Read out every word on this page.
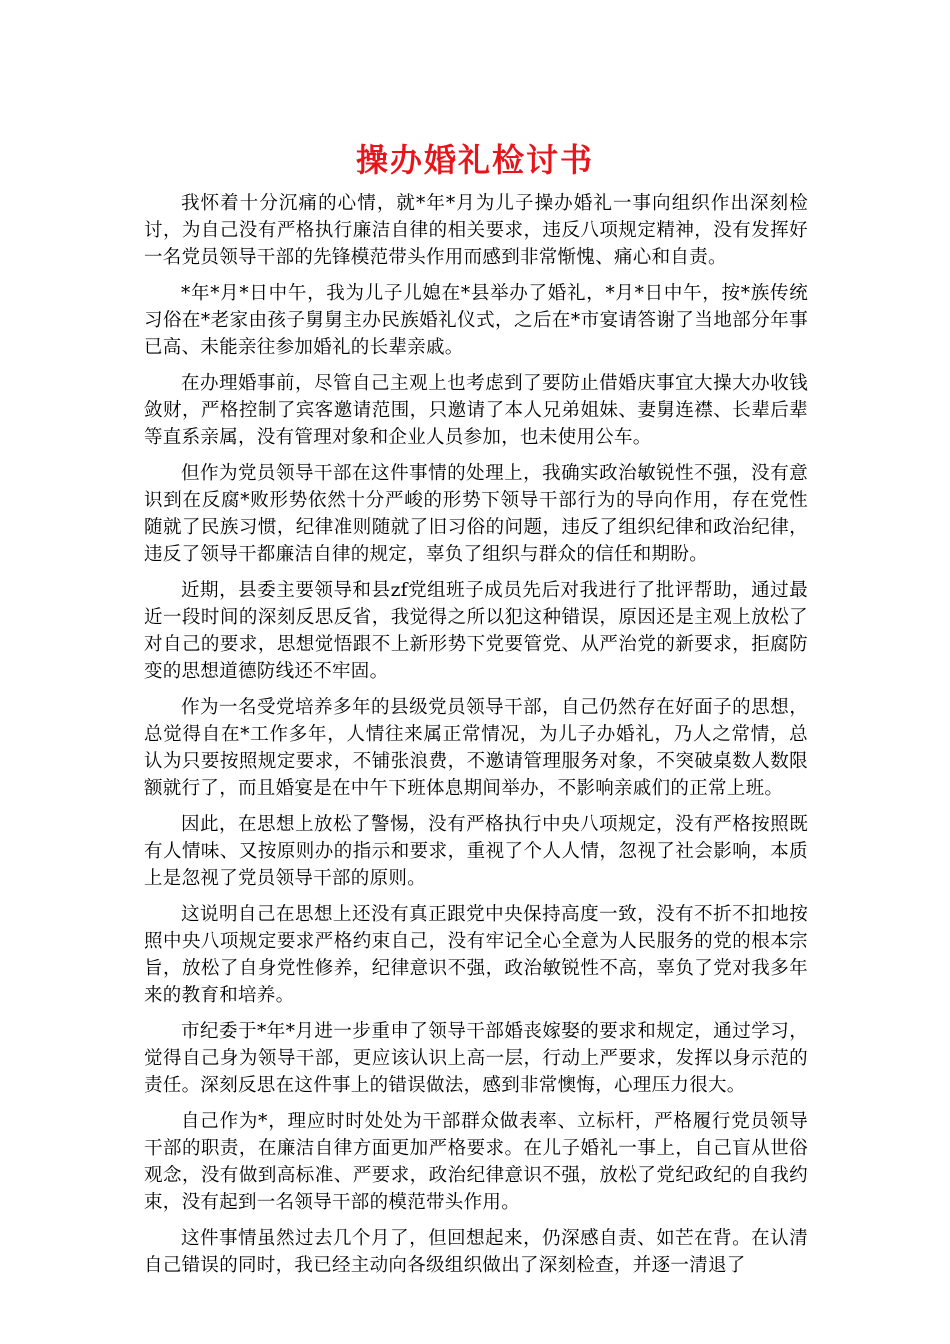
操办婚礼检讨书

我怀着十分沉痛的心情，就*年*月为儿子操办婚礼一事向组织作出深刻检讨，为自己没有严格执行廉洁自律的相关要求，违反八项规定精神，没有发挥好一名党员领导干部的先锋模范带头作用而感到非常惭愧、痛心和自责。

*年*月*日中午，我为儿子儿媳在*县举办了婚礼，*月*日中午，按*族传统习俗在*老家由孩子舅舅主办民族婚礼仪式，之后在*市宴请答谢了当地部分年事已高、未能亲往参加婚礼的长辈亲戚。

在办理婚事前，尽管自己主观上也考虑到了要防止借婚庆事宜大操大办收钱敛财，严格控制了宾客邀请范围，只邀请了本人兄弟姐妹、妻舅连襟、长辈后辈等直系亲属，没有管理对象和企业人员参加，也未使用公车。

但作为党员领导干部在这件事情的处理上，我确实政治敏锐性不强，没有意识到在反腐*败形势依然十分严峻的形势下领导干部行为的导向作用，存在党性随就了民族习惯，纪律准则随就了旧习俗的问题，违反了组织纪律和政治纪律，违反了领导干都廉洁自律的规定，辜负了组织与群众的信任和期盼。

近期，县委主要领导和县zf党组班子成员先后对我进行了批评帮助，通过最近一段时间的深刻反思反省，我觉得之所以犯这种错误，原因还是主观上放松了对自己的要求，思想觉悟跟不上新形势下党要管党、从严治党的新要求，拒腐防变的思想道德防线还不牢固。

作为一名受党培养多年的县级党员领导干部，自己仍然存在好面子的思想，总觉得自在*工作多年，人情往来属正常情况，为儿子办婚礼，乃人之常情，总认为只要按照规定要求，不铺张浪费，不邀请管理服务对象，不突破桌数人数限额就行了，而且婚宴是在中午下班体息期间举办，不影响亲戚们的正常上班。

因此，在思想上放松了警惕，没有严格执行中央八项规定，没有严格按照既有人情味、又按原则办的指示和要求，重视了个人人情，忽视了社会影响，本质上是忽视了党员领导干部的原则。

这说明自己在思想上还没有真正跟党中央保持高度一致，没有不折不扣地按照中央八项规定要求严格约束自己，没有牢记全心全意为人民服务的党的根本宗旨，放松了自身党性修养，纪律意识不强，政治敏锐性不高，辜负了党对我多年来的教育和培养。

市纪委于*年*月进一步重申了领导干部婚丧嫁娶的要求和规定，通过学习，觉得自己身为领导干部，更应该认识上高一层，行动上严要求，发挥以身示范的责任。深刻反思在这件事上的错误做法，感到非常懊悔，心理压力很大。

自己作为*，理应时时处处为干部群众做表率、立标杆，严格履行党员领导干部的职责，在廉洁自律方面更加严格要求。在儿子婚礼一事上，自己盲从世俗观念，没有做到高标准、严要求，政治纪律意识不强，放松了党纪政纪的自我约束，没有起到一名领导干部的模范带头作用。

这件事情虽然过去几个月了，但回想起来，仍深感自责、如芒在背。在认清自己错误的同时，我已经主动向各级组织做出了深刻检查，并逐一清退了
